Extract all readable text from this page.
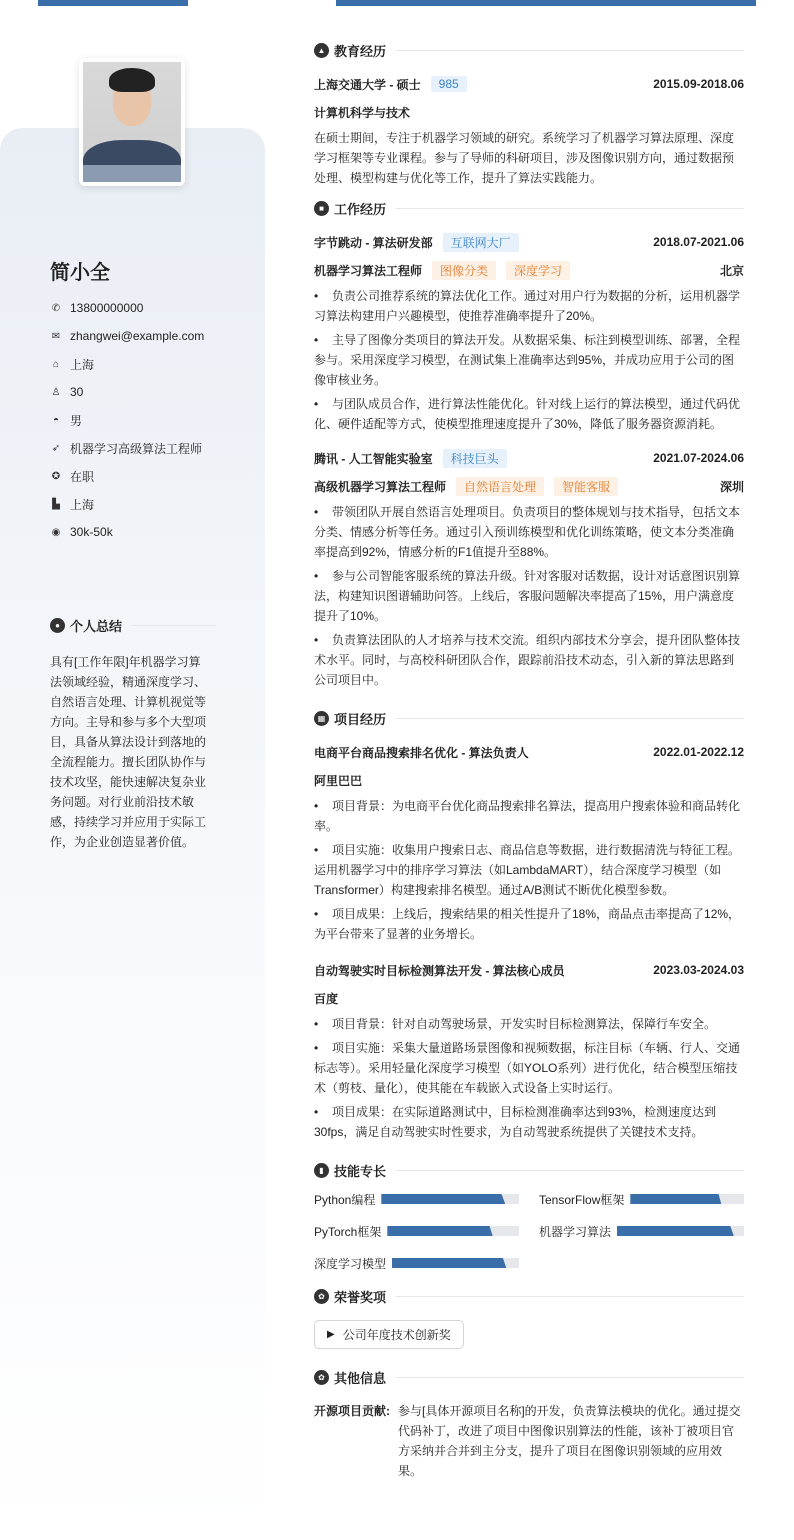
简小全
✆ 13800000000
✉ zhangwei@example.com
⌂ 上海
♙ 30
◓ 男
➶ 机器学习高级算法工程师
✪ 在职
▙ 上海
◉ 30k-50k
● 个人总结
具有[工作年限]年机器学习算法领域经验，精通深度学习、自然语言处理、计算机视觉等方向。主导和参与多个大型项目，具备从算法设计到落地的全流程能力。擅长团队协作与技术攻坚，能快速解决复杂业务问题。对行业前沿技术敏感，持续学习并应用于实际工作，为企业创造显著价值。
▲ 教育经历
上海交通大学 - 硕士	985	2015.09-2018.06
计算机科学与技术

在硕士期间，专注于机器学习领域的研究。系统学习了机器学习算法原理、深度学习框架等专业课程。参与了导师的科研项目，涉及图像识别方向，通过数据预处理、模型构建与优化等工作，提升了算法实践能力。

■ 工作经历
字节跳动 - 算法研发部	互联网大厂	2018.07-2021.06
机器学习算法工程师	图像分类	深度学习	北京
• 负责公司推荐系统的算法优化工作。通过对用户行为数据的分析，运用机器学习算法构建用户兴趣模型，使推荐准确率提升了20%。
• 主导了图像分类项目的算法开发。从数据采集、标注到模型训练、部署，全程参与。采用深度学习模型，在测试集上准确率达到95%，并成功应用于公司的图像审核业务。
• 与团队成员合作，进行算法性能优化。针对线上运行的算法模型，通过代码优化、硬件适配等方式，使模型推理速度提升了30%，降低了服务器资源消耗。
腾讯 - 人工智能实验室	科技巨头	2021.07-2024.06
高级机器学习算法工程师	自然语言处理	智能客服	深圳
• 带领团队开展自然语言处理项目。负责项目的整体规划与技术指导，包括文本分类、情感分析等任务。通过引入预训练模型和优化训练策略，使文本分类准确率提高到92%，情感分析的F1值提升至88%。
• 参与公司智能客服系统的算法升级。针对客服对话数据，设计对话意图识别算法，构建知识图谱辅助问答。上线后，客服问题解决率提高了15%，用户满意度提升了10%。
• 负责算法团队的人才培养与技术交流。组织内部技术分享会，提升团队整体技术水平。同时，与高校科研团队合作，跟踪前沿技术动态，引入新的算法思路到公司项目中。
▦ 项目经历
电商平台商品搜索排名优化 - 算法负责人	2022.01-2022.12
阿里巴巴
• 项目背景：为电商平台优化商品搜索排名算法，提高用户搜索体验和商品转化率。
• 项目实施：收集用户搜索日志、商品信息等数据，进行数据清洗与特征工程。运用机器学习中的排序学习算法（如LambdaMART），结合深度学习模型（如Transformer）构建搜索排名模型。通过A/B测试不断优化模型参数。
• 项目成果：上线后，搜索结果的相关性提升了18%，商品点击率提高了12%，为平台带来了显著的业务增长。
自动驾驶实时目标检测算法开发 - 算法核心成员	2023.03-2024.03
百度
• 项目背景：针对自动驾驶场景，开发实时目标检测算法，保障行车安全。
• 项目实施：采集大量道路场景图像和视频数据，标注目标（车辆、行人、交通标志等）。采用轻量化深度学习模型（如YOLO系列）进行优化，结合模型压缩技术（剪枝、量化），使其能在车载嵌入式设备上实时运行。
• 项目成果：在实际道路测试中，目标检测准确率达到93%，检测速度达到30fps，满足自动驾驶实时性要求，为自动驾驶系统提供了关键技术支持。
▮ 技能专长
Python编程	TensorFlow框架
PyTorch框架	机器学习算法
深度学习模型
✿ 荣誉奖项
▶ 公司年度技术创新奖
✿ 其他信息
开源项目贡献: 参与[具体开源项目名称]的开发，负责算法模块的优化。通过提交代码补丁，改进了项目中图像识别算法的性能，该补丁被项目官方采纳并合并到主分支，提升了项目在图像识别领域的应用效果。
